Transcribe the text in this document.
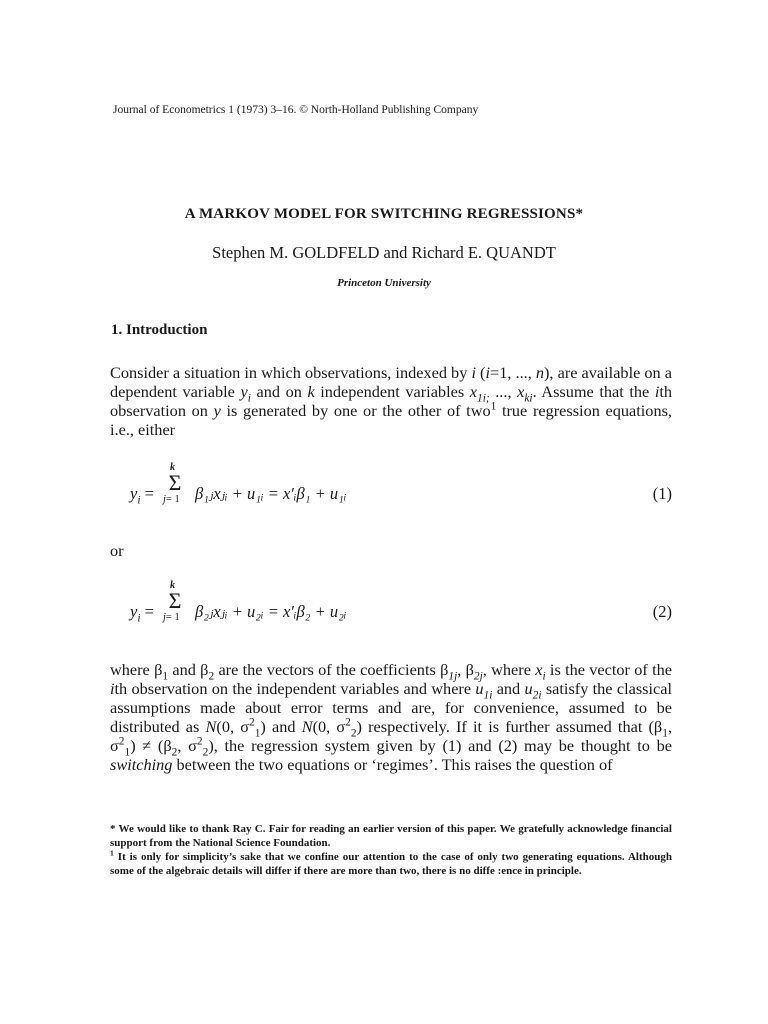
Journal of Econometrics 1 (1973) 3–16. © North-Holland Publishing Company
A MARKOV MODEL FOR SWITCHING REGRESSIONS*
Stephen M. GOLDFELD and Richard E. QUANDT
Princeton University
1. Introduction
Consider a situation in which observations, indexed by i (i=1, ..., n), are available on a dependent variable $y_i$ and on k independent variables $x_{1i;}$ ..., $x_{ki}$. Assume that the ith observation on y is generated by one or the other of two$^1$ true regression equations, i.e., either
k
Σ
j= 1
$y_i$ = β₁ⱼxⱼᵢ + u₁ᵢ = x′ᵢβ₁ + u₁ᵢ	(1)
or
k
Σ
j= 1
$y_i$ = β₂ⱼxⱼᵢ + u₂ᵢ = x′ᵢβ₂ + u₂ᵢ	(2)
where $\beta_1$ and $\beta_2$ are the vectors of the coefficients $\beta_{1j}$, $\beta_{2j}$, where $x_i$ is the vector of the ith observation on the independent variables and where $u_{1i}$ and $u_{2i}$ satisfy the classical assumptions made about error terms and are, for convenience, assumed to be distributed as N(0, $\sigma^2_1$) and N(0, $\sigma^2_2$) respectively. If it is further assumed that ($\beta_1$, $\sigma^2_1) \ne (\beta_2$, $\sigma^2_2$), the regression system given by (1) and (2) may be thought to be switching between the two equations or ‘regimes’. This raises the question of
* We would like to thank Ray C. Fair for reading an earlier version of this paper. We gratefully acknowledge financial support from the National Science Foundation.
$^1$ It is only for simplicity’s sake that we confine our attention to the case of only two generating equations. Although some of the algebraic details will differ if there are more than two, there is no diffe :ence in principle.
